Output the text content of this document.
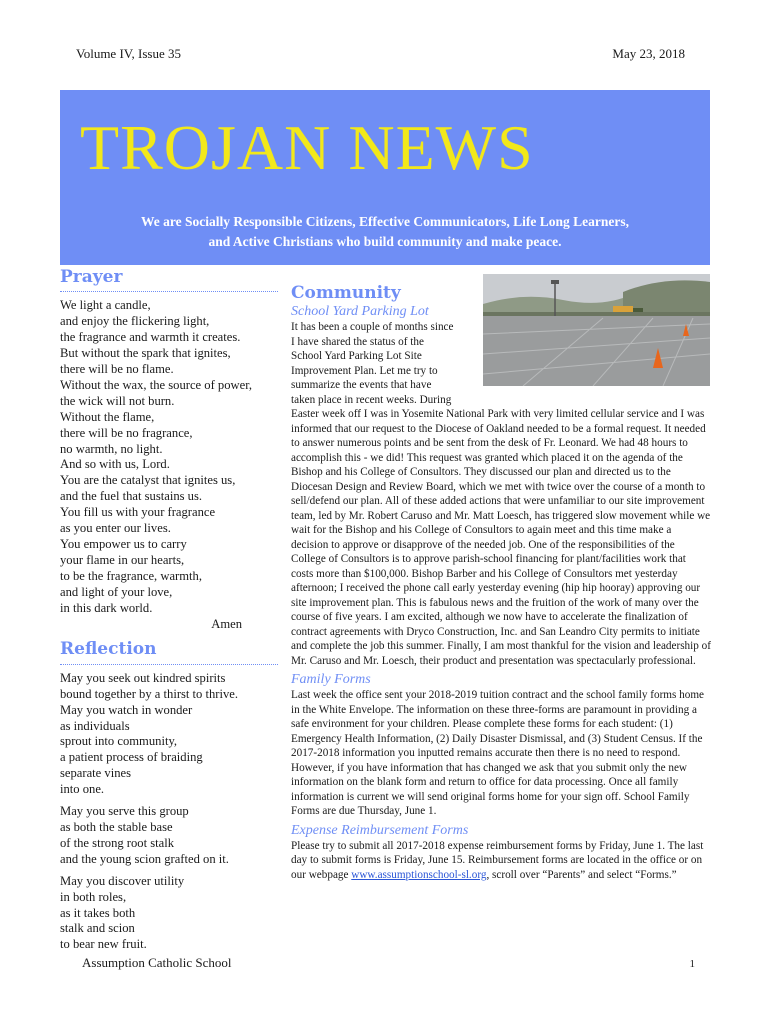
Volume IV, Issue 35	May 23, 2018
TROJAN NEWS
We are Socially Responsible Citizens, Effective Communicators, Life Long Learners,
and Active Christians who build community and make peace.
Prayer
We light a candle,
and enjoy the flickering light,
the fragrance and warmth it creates.
But without the spark that ignites,
there will be no flame.
Without the wax, the source of power,
the wick will not burn.
Without the flame,
there will be no fragrance,
no warmth, no light.
And so with us, Lord.
You are the catalyst that ignites us,
and the fuel that sustains us.
You fill us with your fragrance
as you enter our lives.
You empower us to carry
your flame in our hearts,
to be the fragrance, warmth,
and light of your love,
in this dark world.
Amen
Reflection
May you seek out kindred spirits
bound together by a thirst to thrive.
May you watch in wonder
as individuals
sprout into community,
a patient process of braiding
separate vines
into one.
May you serve this group
as both the stable base
of the strong root stalk
and the young scion grafted on it.
May you discover utility
in both roles,
as it takes both
stalk and scion
to bear new fruit.
Community
School Yard Parking Lot
It has been a couple of months since
I have shared the status of the
School Yard Parking Lot Site
Improvement Plan. Let me try to
summarize the events that have
taken place in recent weeks. During

Easter week off I was in Yosemite National Park with very limited cellular service and I was informed that our request to the Diocese of Oakland needed to be a formal request. It needed to answer numerous points and be sent from the desk of Fr. Leonard. We had 48 hours to accomplish this - we did! This request was granted which placed it on the agenda of the Bishop and his College of Consultors. They discussed our plan and directed us to the Diocesan Design and Review Board, which we met with twice over the course of a month to sell/defend our plan. All of these added actions that were unfamiliar to our site improvement team, led by Mr. Robert Caruso and Mr. Matt Loesch, has triggered slow movement while we wait for the Bishop and his College of Consultors to again meet and this time make a decision to approve or disapprove of the needed job. One of the responsibilities of the College of Consultors is to approve parish-school financing for plant/facilities work that costs more than $100,000. Bishop Barber and his College of Consultors met yesterday afternoon; I received the phone call early yesterday evening (hip hip hooray) approving our site improvement plan. This is fabulous news and the fruition of the work of many over the course of five years. I am excited, although we now have to accelerate the finalization of contract agreements with Dryco Construction, Inc. and San Leandro City permits to initiate and complete the job this summer. Finally, I am most thankful for the vision and leadership of Mr. Caruso and Mr. Loesch, their product and presentation was spectacularly professional.

Family Forms

Last week the office sent your 2018-2019 tuition contract and the school family forms home in the White Envelope. The information on these three-forms are paramount in providing a safe environment for your children. Please complete these forms for each student: (1) Emergency Health Information, (2) Daily Disaster Dismissal, and (3) Student Census. If the 2017-2018 information you inputted remains accurate then there is no need to respond. However, if you have information that has changed we ask that you submit only the new information on the blank form and return to office for data processing. Once all family information is current we will send original forms home for your sign off. School Family Forms are due Thursday, June 1.

Expense Reimbursement Forms

Please try to submit all 2017-2018 expense reimbursement forms by Friday, June 1. The last day to submit forms is Friday, June 15. Reimbursement forms are located in the office or on our webpage www.assumptionschool-sl.org, scroll over “Parents” and select “Forms.”

Assumption Catholic School	1
